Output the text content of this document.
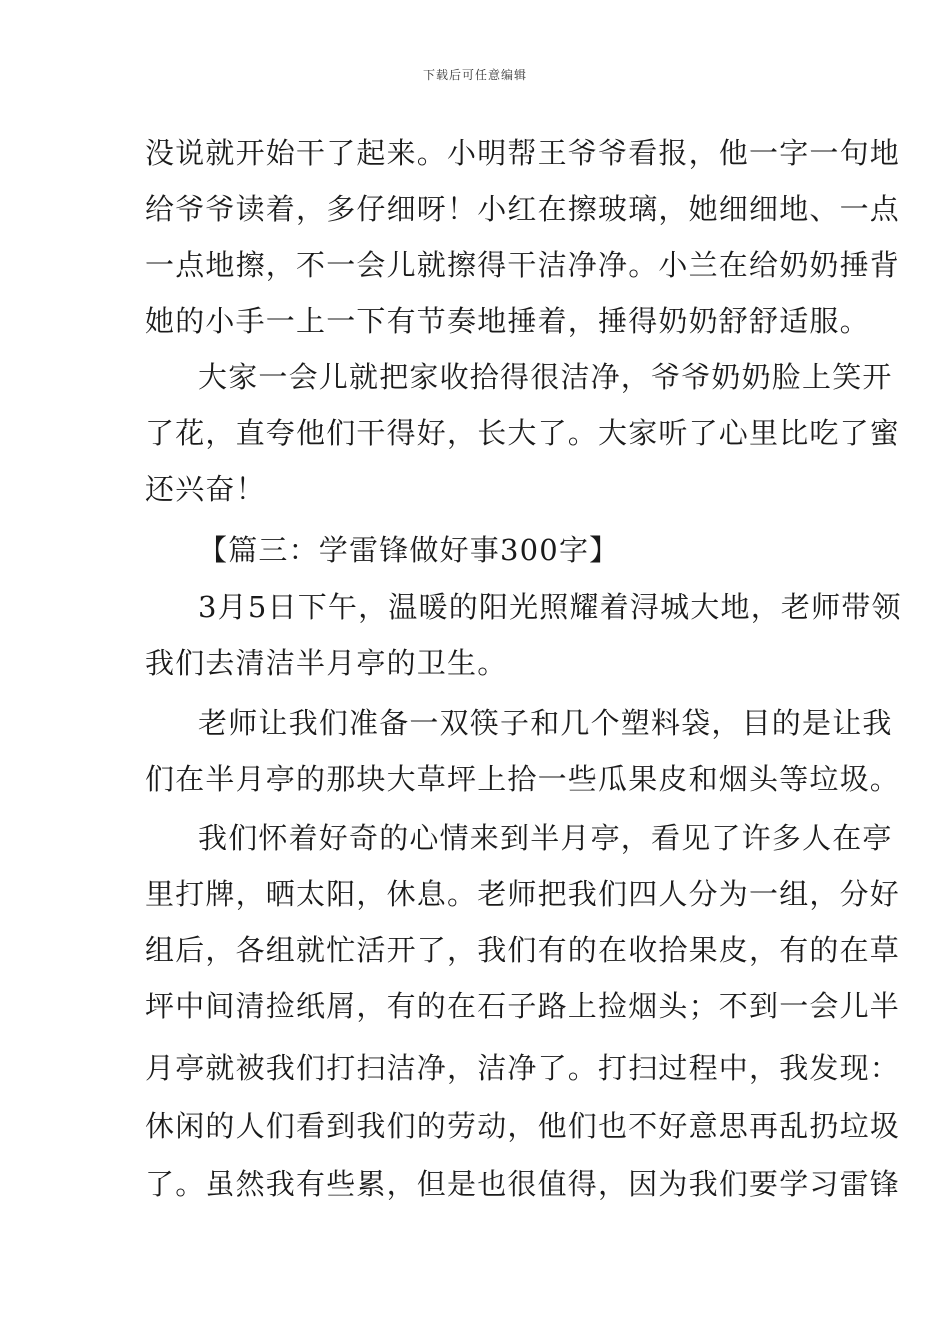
下载后可任意编辑
没说就开始干了起来。小明帮王爷爷看报，他一字一句地
给爷爷读着，多仔细呀！小红在擦玻璃，她细细地、一点
一点地擦，不一会儿就擦得干洁净净。小兰在给奶奶捶背
她的小手一上一下有节奏地捶着，捶得奶奶舒舒适服。
大家一会儿就把家收拾得很洁净，爷爷奶奶脸上笑开
了花，直夸他们干得好，长大了。大家听了心里比吃了蜜
还兴奋！
【篇三：学雷锋做好事300字】
3月5日下午，温暖的阳光照耀着浔城大地，老师带领
我们去清洁半月亭的卫生。
老师让我们准备一双筷子和几个塑料袋，目的是让我
们在半月亭的那块大草坪上拾一些瓜果皮和烟头等垃圾。
我们怀着好奇的心情来到半月亭，看见了许多人在亭
里打牌，晒太阳，休息。老师把我们四人分为一组，分好
组后，各组就忙活开了，我们有的在收拾果皮，有的在草
坪中间清捡纸屑，有的在石子路上捡烟头；不到一会儿半
月亭就被我们打扫洁净，洁净了。打扫过程中，我发现：
休闲的人们看到我们的劳动，他们也不好意思再乱扔垃圾
了。虽然我有些累，但是也很值得，因为我们要学习雷锋
